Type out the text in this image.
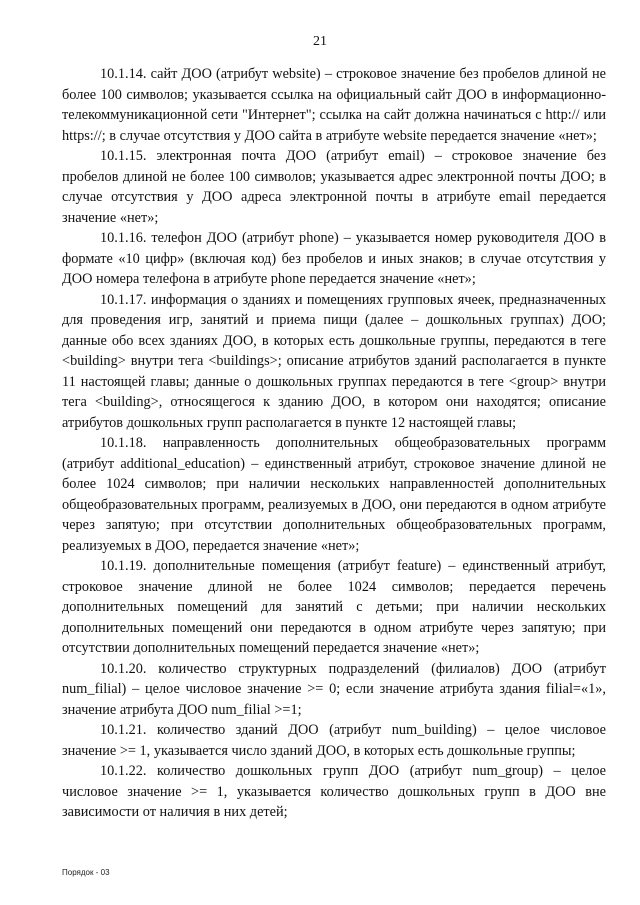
21

10.1.14. сайт ДОО (атрибут website) – строковое значение без пробелов длиной не более 100 символов; указывается ссылка на официальный сайт ДОО в информационно-телекоммуникационной сети "Интернет"; ссылка на сайт должна начинаться с http:// или https://; в случае отсутствия у ДОО сайта в атрибуте website передается значение «нет»;

10.1.15. электронная почта ДОО (атрибут email) – строковое значение без пробелов длиной не более 100 символов; указывается адрес электронной почты ДОО; в случае отсутствия у ДОО адреса электронной почты в атрибуте email передается значение «нет»;

10.1.16. телефон ДОО (атрибут phone) – указывается номер руководителя ДОО в формате «10 цифр» (включая код) без пробелов и иных знаков; в случае отсутствия у ДОО номера телефона в атрибуте phone передается значение «нет»;

10.1.17. информация о зданиях и помещениях групповых ячеек, предназначенных для проведения игр, занятий и приема пищи (далее – дошкольных группах) ДОО; данные обо всех зданиях ДОО, в которых есть дошкольные группы, передаются в теге <building> внутри тега <buildings>; описание атрибутов зданий располагается в пункте 11 настоящей главы; данные о дошкольных группах передаются в теге <group> внутри тега <building>, относящегося к зданию ДОО, в котором они находятся; описание атрибутов дошкольных групп располагается в пункте 12 настоящей главы;

10.1.18. направленность дополнительных общеобразовательных программ (атрибут additional_education) – единственный атрибут, строковое значение длиной не более 1024 символов; при наличии нескольких направленностей дополнительных общеобразовательных программ, реализуемых в ДОО, они передаются в одном атрибуте через запятую; при отсутствии дополнительных общеобразовательных программ, реализуемых в ДОО, передается значение «нет»;

10.1.19. дополнительные помещения (атрибут feature) – единственный атрибут, строковое значение длиной не более 1024 символов; передается перечень дополнительных помещений для занятий с детьми; при наличии нескольких дополнительных помещений они передаются в одном атрибуте через запятую; при отсутствии дополнительных помещений передается значение «нет»;

10.1.20. количество структурных подразделений (филиалов) ДОО (атрибут num_filial) – целое числовое значение >= 0; если значение атрибута здания filial=«1», значение атрибута ДОО num_filial >=1;

10.1.21. количество зданий ДОО (атрибут num_building) – целое числовое значение >= 1, указывается число зданий ДОО, в которых есть дошкольные группы;

10.1.22. количество дошкольных групп ДОО (атрибут num_group) – целое числовое значение >= 1, указывается количество дошкольных групп в ДОО вне зависимости от наличия в них детей;

Порядок - 03
